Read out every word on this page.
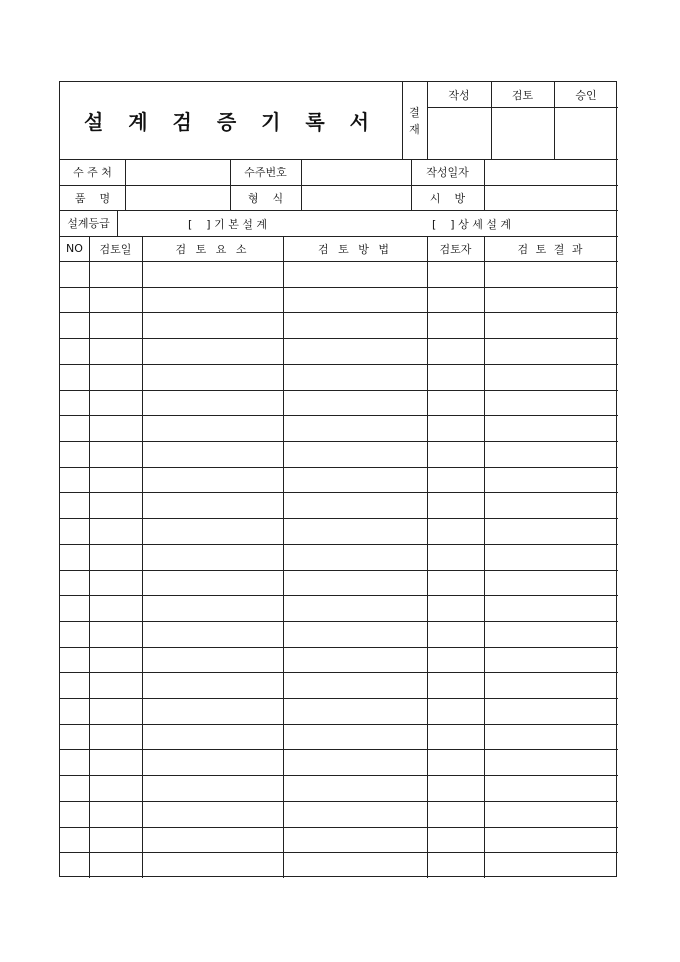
설 계 검 증 기 록 서	결
재
작성	검토	승인
수 주 처	수주번호	작성일자
품    명	형    식	시    방
설계등급	[    ] 기 본 설 계	[    ] 상 세 설 계
NO	검토일	검 토 요 소	검 토 방 법	검토자	검 토 결 과
